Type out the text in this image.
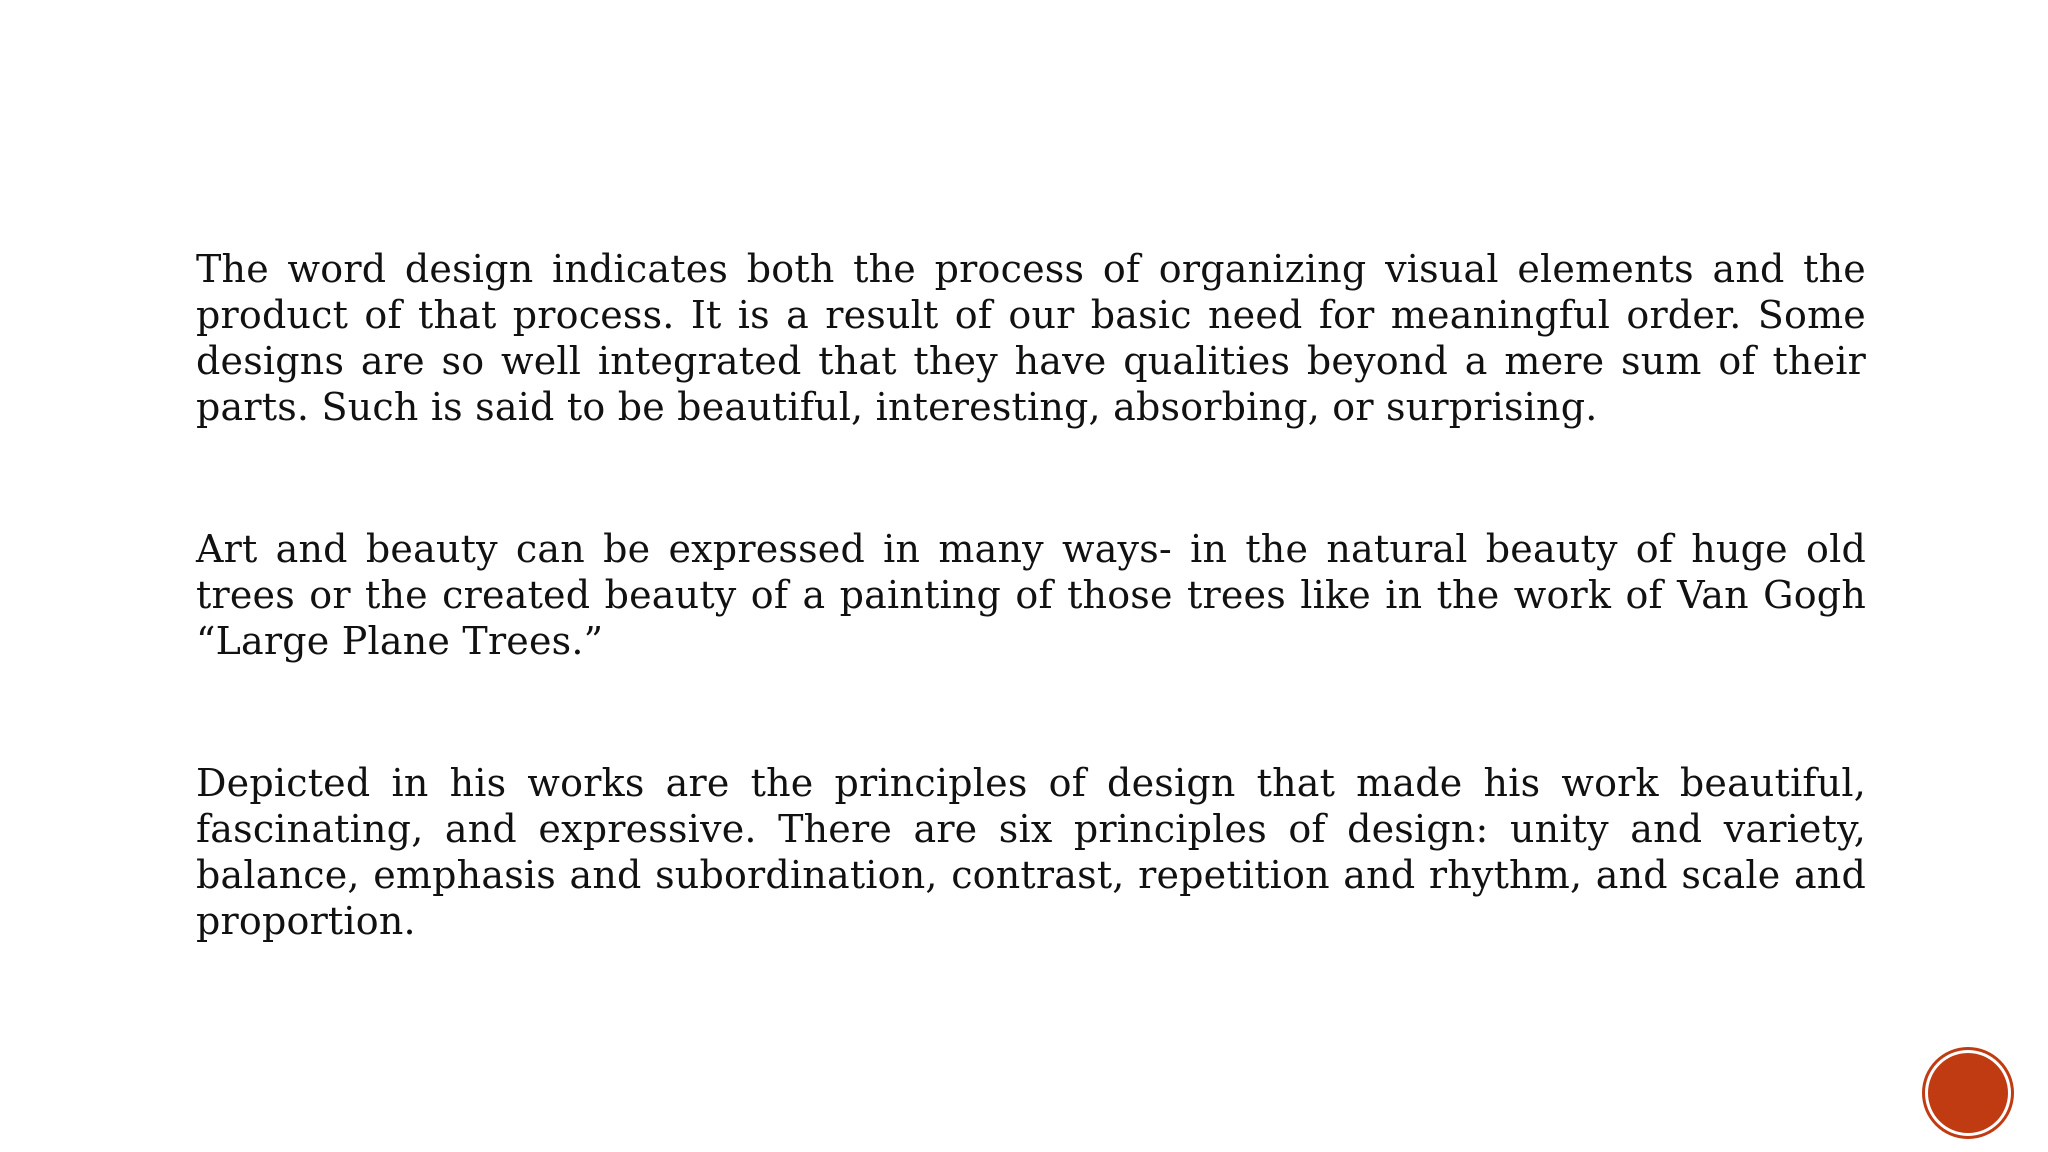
The word design indicates both the process of organizing visual elements and the product of that process. It is a result of our basic need for meaningful order. Some designs are so well integrated that they have qualities beyond a mere sum of their parts. Such is said to be beautiful, interesting, absorbing, or surprising.

Art and beauty can be expressed in many ways- in the natural beauty of huge old trees or the created beauty of a painting of those trees like in the work of Van Gogh “Large Plane Trees.”

Depicted in his works are the principles of design that made his work beautiful, fascinating, and expressive. There are six principles of design: unity and variety, balance, emphasis and subordination, contrast, repetition and rhythm, and scale and proportion.
